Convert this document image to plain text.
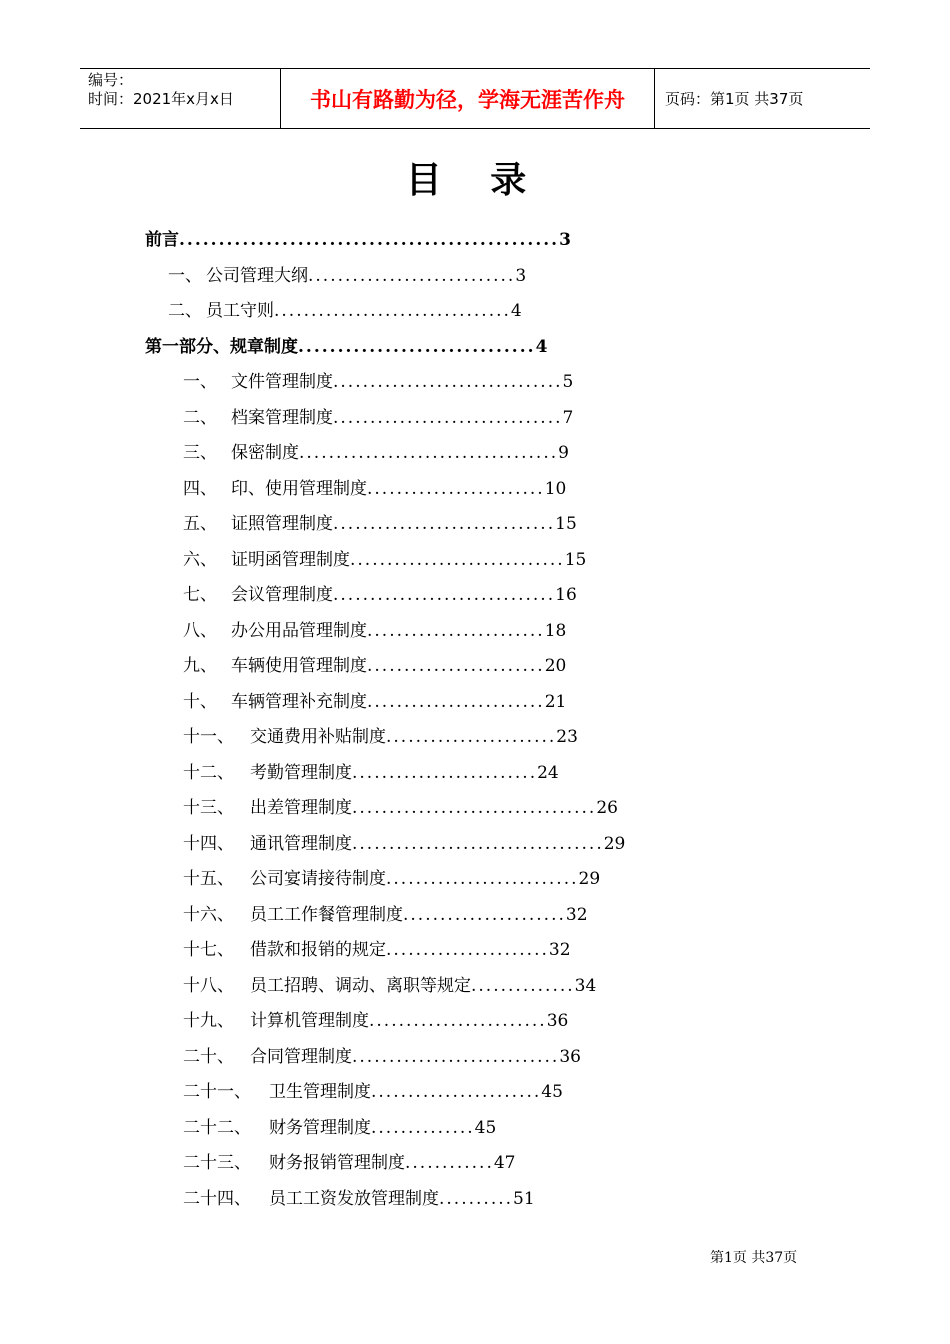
编号：
时间：2021年x月x日	书山有路勤为径，学海无涯苦作舟	页码：第1页 共37页
目 录
前言 ................................................ 3
一、 公司管理大纲 ............................ 3
二、 员工守则 ................................ 4
第一部分、规章制度 .............................. 4
一、 文件管理制度 ............................... 5
二、 档案管理制度 ............................... 7
三、 保密制度 ................................... 9
四、 印、使用管理制度 ........................ 10
五、 证照管理制度 .............................. 15
六、 证明函管理制度 ............................. 15
七、 会议管理制度 .............................. 16
八、 办公用品管理制度 ........................ 18
九、 车辆使用管理制度 ........................ 20
十、 车辆管理补充制度 ........................ 21
十一、 交通费用补贴制度 ....................... 23
十二、 考勤管理制度 ......................... 24
十三、 出差管理制度 ................................. 26
十四、 通讯管理制度 .................................. 29
十五、 公司宴请接待制度 .......................... 29
十六、 员工工作餐管理制度 ...................... 32
十七、 借款和报销的规定 ...................... 32
十八、 员工招聘、调动、离职等规定 .............. 34
十九、 计算机管理制度 ........................ 36
二十、 合同管理制度 ............................ 36
二十一、	卫生管理制度 ....................... 45
二十二、	财务管理制度 .............. 45
二十三、	财务报销管理制度 ............ 47
二十四、	员工工资发放管理制度 .......... 51
第1页 共37页
